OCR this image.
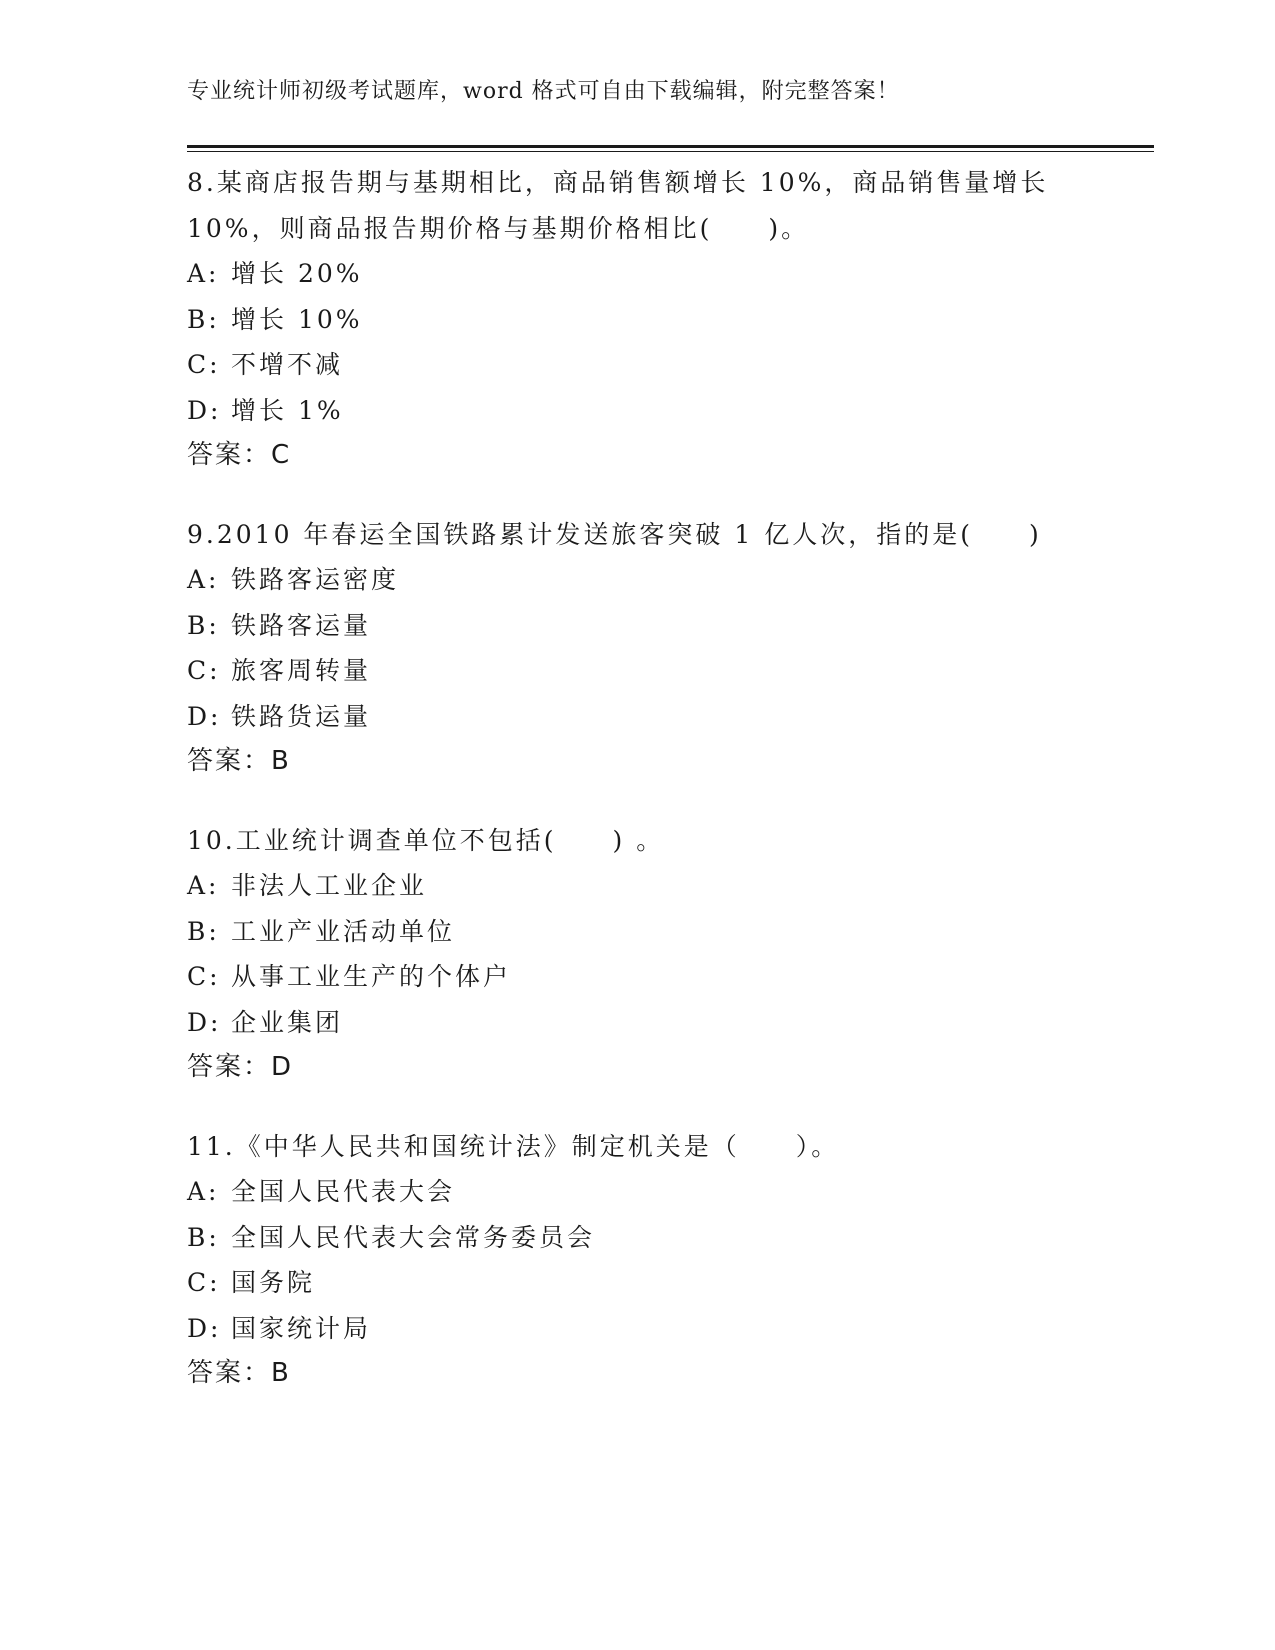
专业统计师初级考试题库，word 格式可自由下载编辑，附完整答案！
8.某商店报告期与基期相比，商品销售额增长 10%，商品销售量增长
10%，则商品报告期价格与基期价格相比(　　)。
A: 增长 20%
B: 增长 10%
C: 不增不减
D: 增长 1%
答案：C
9.2010 年春运全国铁路累计发送旅客突破 1 亿人次，指的是(　　)
A: 铁路客运密度
B: 铁路客运量
C: 旅客周转量
D: 铁路货运量
答案：B
10.工业统计调查单位不包括(　　) 。
A: 非法人工业企业
B: 工业产业活动单位
C: 从事工业生产的个体户
D: 企业集团
答案：D
11.《中华人民共和国统计法》制定机关是（　　）。
A: 全国人民代表大会
B: 全国人民代表大会常务委员会
C: 国务院
D: 国家统计局
答案：B
